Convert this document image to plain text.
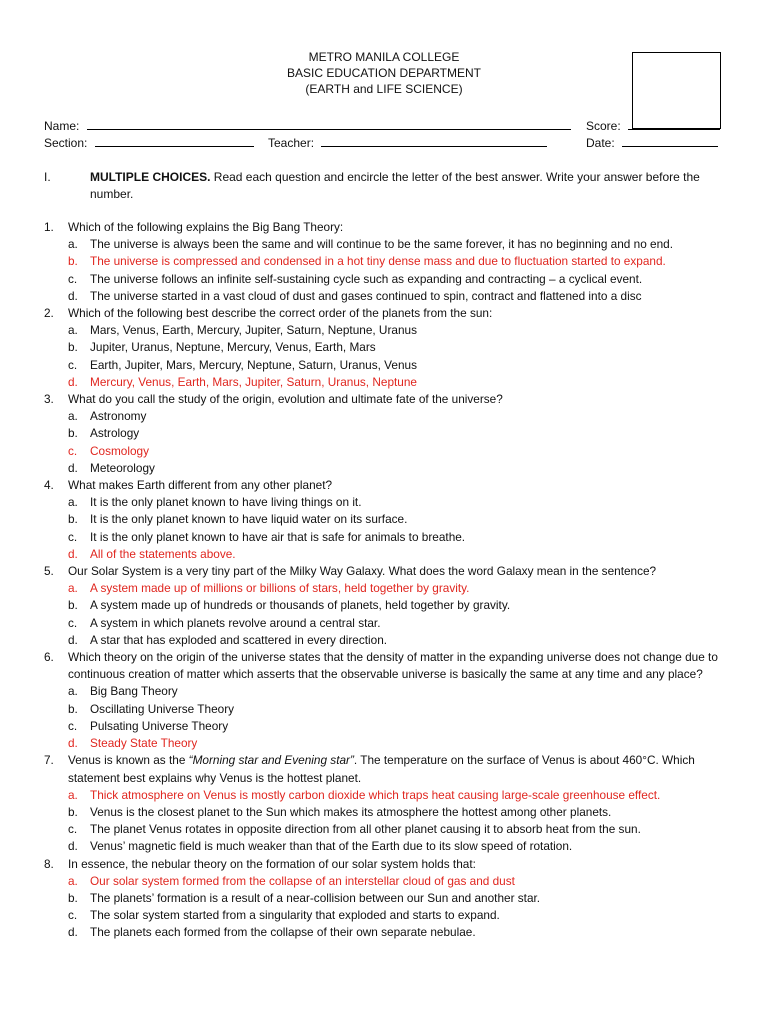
METRO MANILA COLLEGE
BASIC EDUCATION DEPARTMENT
(EARTH and LIFE SCIENCE)
Name:	Score:
Section:	Teacher:	Date:
I.	MULTIPLE CHOICES. Read each question and encircle the letter of the best answer. Write your answer before the number.
1. Which of the following explains the Big Bang Theory:
a. The universe is always been the same and will continue to be the same forever, it has no beginning and no end.
b. The universe is compressed and condensed in a hot tiny dense mass and due to fluctuation started to expand.
c. The universe follows an infinite self-sustaining cycle such as expanding and contracting – a cyclical event.
d. The universe started in a vast cloud of dust and gases continued to spin, contract and flattened into a disc
2. Which of the following best describe the correct order of the planets from the sun:
a. Mars, Venus, Earth, Mercury, Jupiter, Saturn, Neptune, Uranus
b. Jupiter, Uranus, Neptune, Mercury, Venus, Earth, Mars
c. Earth, Jupiter, Mars, Mercury, Neptune, Saturn, Uranus, Venus
d. Mercury, Venus, Earth, Mars, Jupiter, Saturn, Uranus, Neptune
3. What do you call the study of the origin, evolution and ultimate fate of the universe?
a. Astronomy
b. Astrology
c. Cosmology
d. Meteorology
4. What makes Earth different from any other planet?
a. It is the only planet known to have living things on it.
b. It is the only planet known to have liquid water on its surface.
c. It is the only planet known to have air that is safe for animals to breathe.
d. All of the statements above.
5. Our Solar System is a very tiny part of the Milky Way Galaxy. What does the word Galaxy mean in the sentence?
a. A system made up of millions or billions of stars, held together by gravity.
b. A system made up of hundreds or thousands of planets, held together by gravity.
c. A system in which planets revolve around a central star.
d. A star that has exploded and scattered in every direction.
6. Which theory on the origin of the universe states that the density of matter in the expanding universe does not change due to continuous creation of matter which asserts that the observable universe is basically the same at any time and any place?
a. Big Bang Theory
b. Oscillating Universe Theory
c. Pulsating Universe Theory
d. Steady State Theory
7. Venus is known as the “Morning star and Evening star”. The temperature on the surface of Venus is about 460°C. Which statement best explains why Venus is the hottest planet.
a. Thick atmosphere on Venus is mostly carbon dioxide which traps heat causing large-scale greenhouse effect.
b. Venus is the closest planet to the Sun which makes its atmosphere the hottest among other planets.
c. The planet Venus rotates in opposite direction from all other planet causing it to absorb heat from the sun.
d. Venus’ magnetic field is much weaker than that of the Earth due to its slow speed of rotation.
8. In essence, the nebular theory on the formation of our solar system holds that:
a. Our solar system formed from the collapse of an interstellar cloud of gas and dust
b. The planets’ formation is a result of a near-collision between our Sun and another star.
c. The solar system started from a singularity that exploded and starts to expand.
d. The planets each formed from the collapse of their own separate nebulae.
